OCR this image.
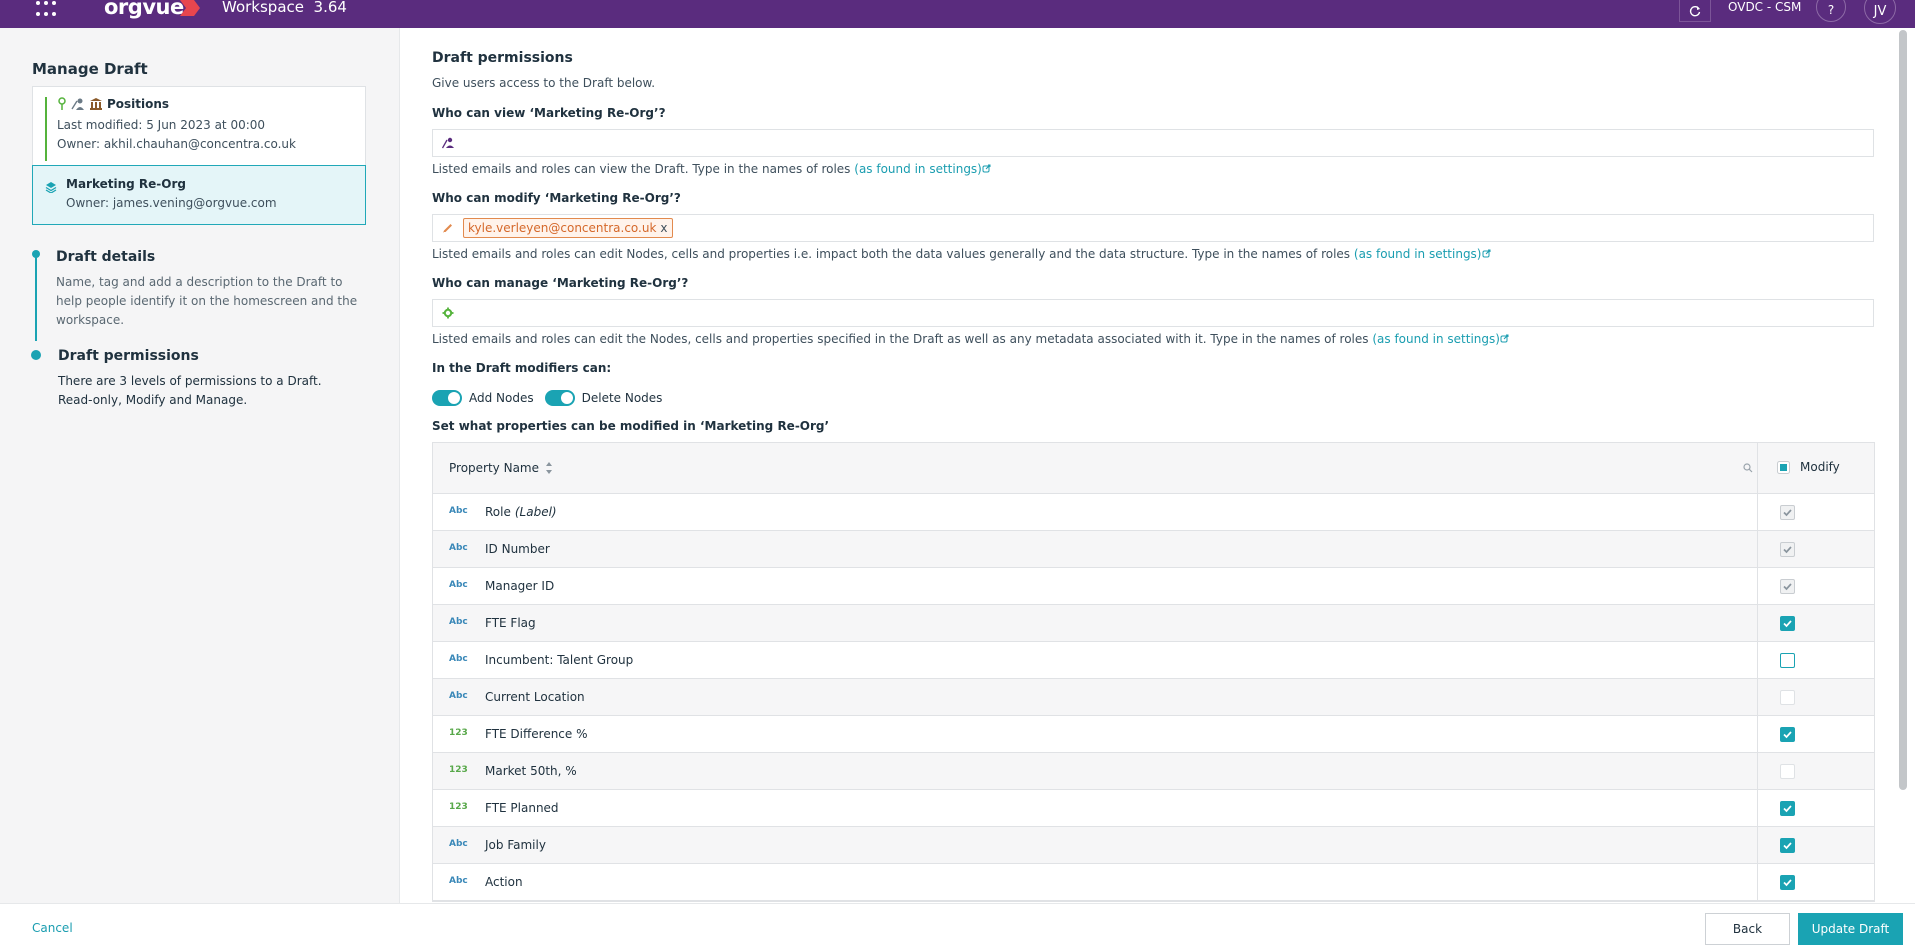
orgvue	Workspace 3.64	OVDC - CSM	?	JV
Manage Draft
Positions
Last modified: 5 Jun 2023 at 00:00
Owner: akhil.chauhan@concentra.co.uk
Marketing Re-Org
Owner: james.vening@orgvue.com
Draft details
Name, tag and add a description to the Draft to help people identify it on the homescreen and the workspace.
Draft permissions
There are 3 levels of permissions to a Draft. Read-only, Modify and Manage.
Draft permissions
Give users access to the Draft below.
Who can view ‘Marketing Re-Org’?
Listed emails and roles can view the Draft. Type in the names of roles (as found in settings)
Who can modify ‘Marketing Re-Org’?
kyle.verleyen@concentra.co.uk x
Listed emails and roles can edit Nodes, cells and properties i.e. impact both the data values generally and the data structure. Type in the names of roles (as found in settings)
Who can manage ‘Marketing Re-Org’?
Listed emails and roles can edit the Nodes, cells and properties specified in the Draft as well as any metadata associated with it. Type in the names of roles (as found in settings)
In the Draft modifiers can:
Add Nodes	Delete Nodes
Set what properties can be modified in ‘Marketing Re-Org’
Property Name	Modify
Abc Role (Label)
Abc ID Number
Abc Manager ID
Abc FTE Flag
Abc Incumbent: Talent Group
Abc Current Location
123 FTE Difference %
123 Market 50th, %
123 FTE Planned
Abc Job Family
Abc Action
Cancel	Back	Update Draft
